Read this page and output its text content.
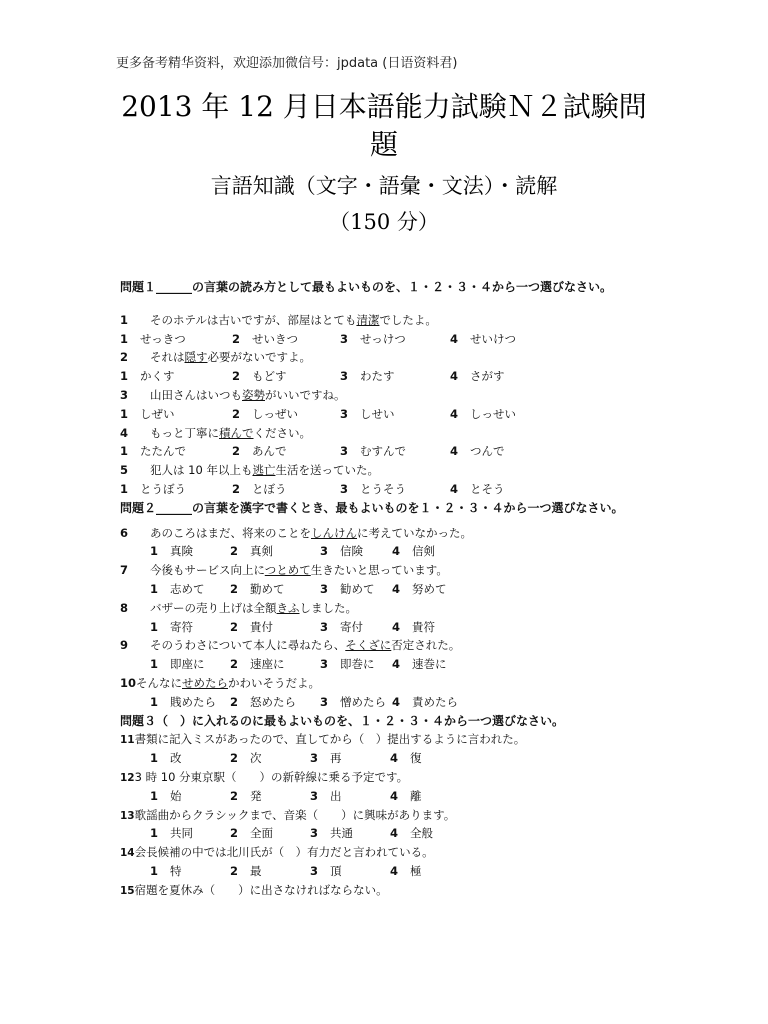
更多备考精华资料，欢迎添加微信号：jpdata (日语资料君)
2013 年 12 月日本語能力試験Ｎ２試験問
題
言語知識（文字・語彙・文法）・読解
（150 分）
問題１______の言葉の読み方として最もよいものを、１・２・３・４から一つ選びなさい。
1 そのホテルは古いですが、部屋はとても清潔でしたよ。
1 せっきつ	2 せいきつ	3 せっけつ	4 せいけつ
2 それは隠す必要がないですよ。
1 かくす	2 もどす	3 わたす	4 さがす
3 山田さんはいつも姿勢がいいですね。
1 しぜい	2 しっぜい	3 しせい	4 しっせい
4 もっと丁寧に積んでください。
1 たたんで	2 あんで	3 むすんで	4 つんで
5 犯人は 10 年以上も逃亡生活を送っていた。
1 とうぼう	2 とぼう	3 とうそう	4 とそう
問題２______の言葉を漢字で書くとき、最もよいものを１・２・３・４から一つ選びなさい。
6 あのころはまだ、将来のことをしんけんに考えていなかった。
1 真険	2 真剣	3 信険	4 信剣
7 今後もサービス向上につとめて生きたいと思っています。
1 志めて 2 勤めて	3 勧めて 4 努めて
8 バザーの売り上げは全額きふしました。
1 寄符	2 貴付	3 寄付	4 貴符
9 そのうわさについて本人に尋ねたら、そくざに否定された。
1 即座に 2 速座に	3 即巻に 4 速巻に
10そんなにせめたらかわいそうだよ。
1 賎めたら 2 怒めたら 3 憎めたら 4 責めたら
問題３（　）に入れるのに最もよいものを、１・２・３・４から一つ選びなさい。
11書類に記入ミスがあったので、直してから（　）提出するように言われた。
1 改	2 次	3 再	4 復
123 時 10 分東京駅（　　）の新幹線に乗る予定です。
1 始	2 発	3 出	4 離
13歌謡曲からクラシックまで、音楽（　　）に興味があります。
1 共同	2 全面	3 共通	4 全般
14会長候補の中では北川氏が（　）有力だと言われている。
1 特	2 最	3 頂	4 極
15宿題を夏休み（　　）に出さなければならない。
